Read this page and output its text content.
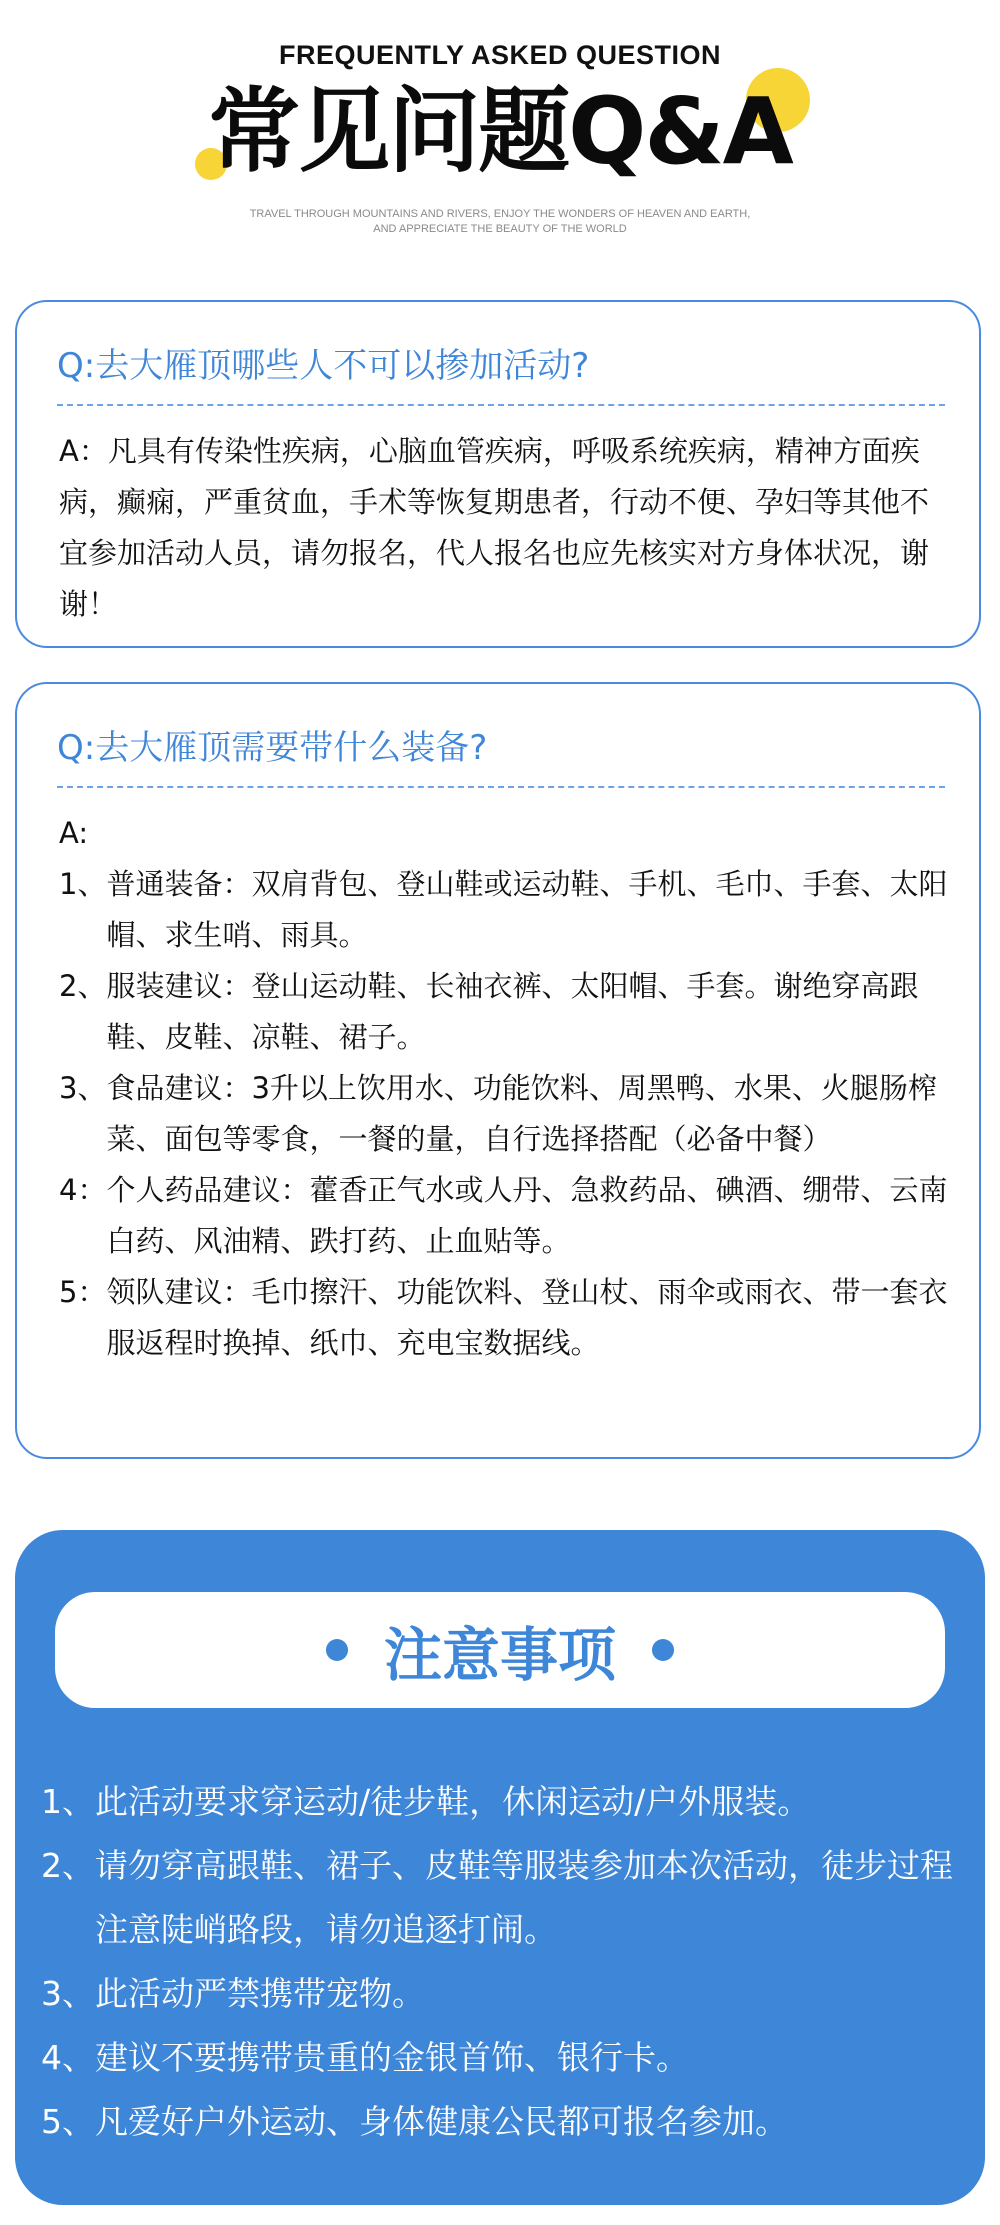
FREQUENTLY ASKED QUESTION
常见问题Q&A
TRAVEL THROUGH MOUNTAINS AND RIVERS, ENJOY THE WONDERS OF HEAVEN AND EARTH,
AND APPRECIATE THE BEAUTY OF THE WORLD
Q:去大雁顶哪些人不可以掺加活动?
A：凡具有传染性疾病，心脑血管疾病，呼吸系统疾病，精神方面疾病，癫痫，严重贫血，手术等恢复期患者，行动不便、孕妇等其他不宜参加活动人员，请勿报名，代人报名也应先核实对方身体状况，谢谢！
Q:去大雁顶需要带什么装备?
A:
1、 普通装备：双肩背包、登山鞋或运动鞋、手机、毛巾、手套、太阳帽、求生哨、雨具。
2、 服装建议：登山运动鞋、长袖衣裤、太阳帽、手套。谢绝穿高跟鞋、皮鞋、凉鞋、裙子。
3、 食品建议：3升以上饮用水、功能饮料、周黑鸭、水果、火腿肠榨菜、面包等零食，一餐的量，自行选择搭配（必备中餐）
4： 个人药品建议：藿香正气水或人丹、急救药品、碘酒、绷带、云南白药、风油精、跌打药、止血贴等。
5： 领队建议：毛巾擦汗、功能饮料、登山杖、雨伞或雨衣、带一套衣服返程时换掉、纸巾、充电宝数据线。
注意事项
1、 此活动要求穿运动/徒步鞋，休闲运动/户外服装。
2、 请勿穿高跟鞋、裙子、皮鞋等服装参加本次活动，徒步过程注意陡峭路段，请勿追逐打闹。
3、 此活动严禁携带宠物。
4、 建议不要携带贵重的金银首饰、银行卡。
5、 凡爱好户外运动、身体健康公民都可报名参加。
